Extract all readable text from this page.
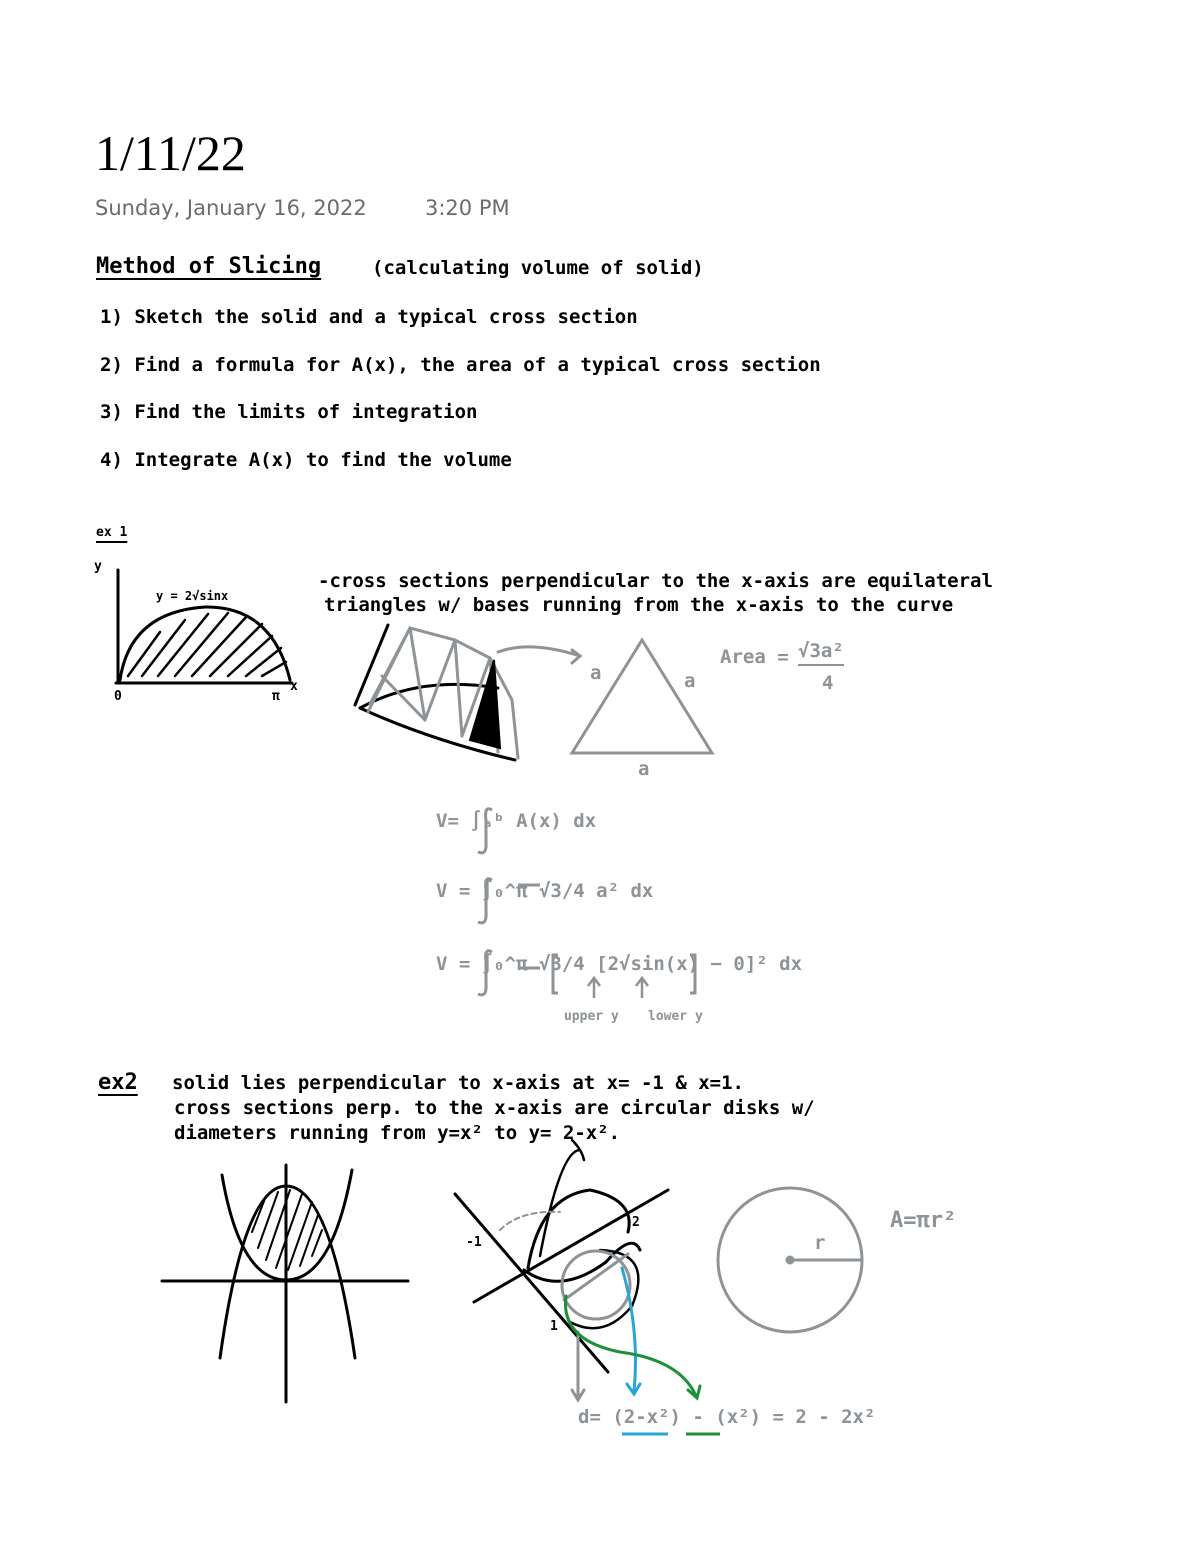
1/11/22
Sunday, January 16, 2022	3:20 PM
Method of Slicing	(calculating volume of solid)
1) Sketch the solid and a typical cross section
2) Find a formula for A(x), the area of a typical cross section
3) Find the limits of integration
4) Integrate A(x) to find the volume
ex 1
y
x
y = 2√sinx
0	π
-cross sections perpendicular to the x-axis are equilateral
triangles w/ bases running from the x-axis to the curve
a	a
a
Area = √3a²
4
V= ∫ₐᵇ A(x) dx
V = ∫₀^π √3/4 a² dx
V = ∫₀^π √3/4 [2√sin(x) − 0]² dx
upper y lower y
ex2 solid lies perpendicular to x-axis at x= -1 & x=1.
cross sections perp. to the x-axis are circular disks w/
diameters running from y=x² to y= 2-x².
-1
1
2
r
A=πr²
d= (2-x²) - (x²) = 2 - 2x²
